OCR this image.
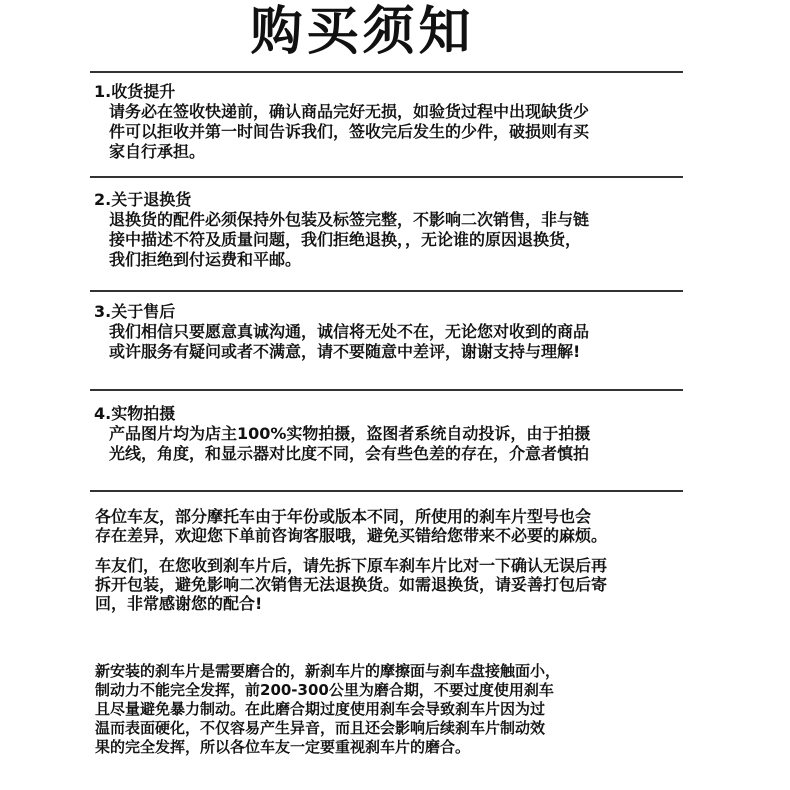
购买须知

1.收货提升

请务必在签收快递前，确认商品完好无损，如验货过程中出现缺货少

件可以拒收并第一时间告诉我们，签收完后发生的少件，破损则有买

家自行承担。

2.关于退换货

退换货的配件必须保持外包装及标签完整，不影响二次销售，非与链

接中描述不符及质量问题，我们拒绝退换，，无论谁的原因退换货，

我们拒绝到付运费和平邮。

3.关于售后

我们相信只要愿意真诚沟通，诚信将无处不在，无论您对收到的商品

或许服务有疑问或者不满意，请不要随意中差评，谢谢支持与理解!

4.实物拍摄

产品图片均为店主100%实物拍摄，盗图者系统自动投诉，由于拍摄

光线，角度，和显示器对比度不同，会有些色差的存在，介意者慎拍

各位车友，部分摩托车由于年份或版本不同，所使用的刹车片型号也会

存在差异，欢迎您下单前咨询客服哦，避免买错给您带来不必要的麻烦。

车友们，在您收到刹车片后，请先拆下原车刹车片比对一下确认无误后再

拆开包装，避免影响二次销售无法退换货。如需退换货，请妥善打包后寄

回，非常感谢您的配合!

新安装的刹车片是需要磨合的，新刹车片的摩擦面与刹车盘接触面小，

制动力不能完全发挥，前200-300公里为磨合期，不要过度使用刹车

且尽量避免暴力制动。在此磨合期过度使用刹车会导致刹车片因为过

温而表面硬化，不仅容易产生异音，而且还会影响后续刹车片制动效

果的完全发挥，所以各位车友一定要重视刹车片的磨合。
